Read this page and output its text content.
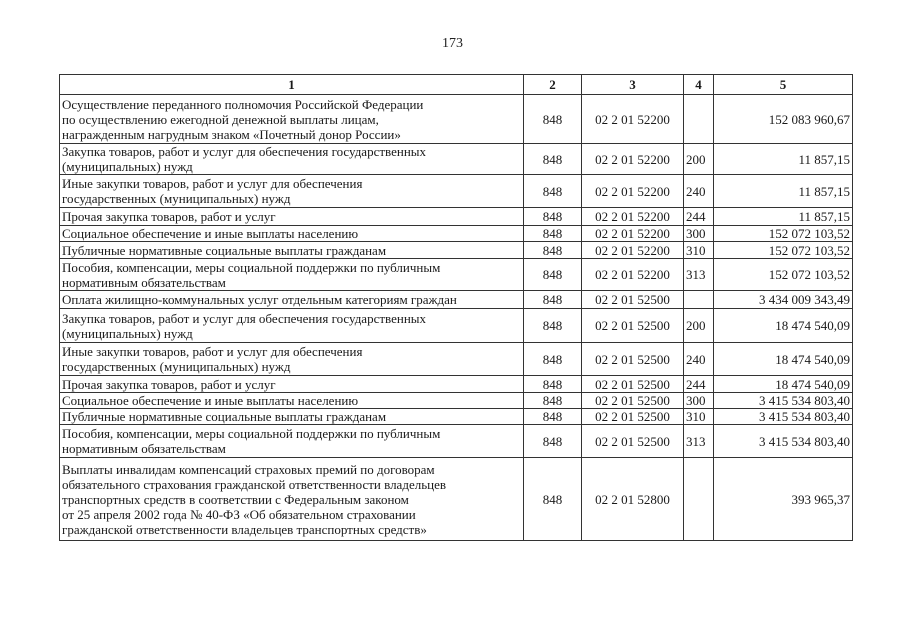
173
1	2	3	4	5
Осуществление переданного полномочия Российской Федерации
по осуществлению ежегодной денежной выплаты лицам,
награжденным нагрудным знаком «Почетный донор России»	848	02 2 01 52200		152 083 960,67
Закупка товаров, работ и услуг для обеспечения государственных
(муниципальных) нужд	848	02 2 01 52200	200	11 857,15
Иные закупки товаров, работ и услуг для обеспечения
государственных (муниципальных) нужд	848	02 2 01 52200	240	11 857,15
Прочая закупка товаров, работ и услуг	848	02 2 01 52200	244	11 857,15
Социальное обеспечение и иные выплаты населению	848	02 2 01 52200	300	152 072 103,52
Публичные нормативные социальные выплаты гражданам	848	02 2 01 52200	310	152 072 103,52
Пособия, компенсации, меры социальной поддержки по публичным
нормативным обязательствам	848	02 2 01 52200	313	152 072 103,52
Оплата жилищно-коммунальных услуг отдельным категориям граждан	848	02 2 01 52500		3 434 009 343,49
Закупка товаров, работ и услуг для обеспечения государственных
(муниципальных) нужд	848	02 2 01 52500	200	18 474 540,09
Иные закупки товаров, работ и услуг для обеспечения
государственных (муниципальных) нужд	848	02 2 01 52500	240	18 474 540,09
Прочая закупка товаров, работ и услуг	848	02 2 01 52500	244	18 474 540,09
Социальное обеспечение и иные выплаты населению	848	02 2 01 52500	300	3 415 534 803,40
Публичные нормативные социальные выплаты гражданам	848	02 2 01 52500	310	3 415 534 803,40
Пособия, компенсации, меры социальной поддержки по публичным
нормативным обязательствам	848	02 2 01 52500	313	3 415 534 803,40
Выплаты инвалидам компенсаций страховых премий по договорам
обязательного страхования гражданской ответственности владельцев
транспортных средств в соответствии с Федеральным законом
от 25 апреля 2002 года № 40-ФЗ «Об обязательном страховании
гражданской ответственности владельцев транспортных средств»	848	02 2 01 52800		393 965,37
